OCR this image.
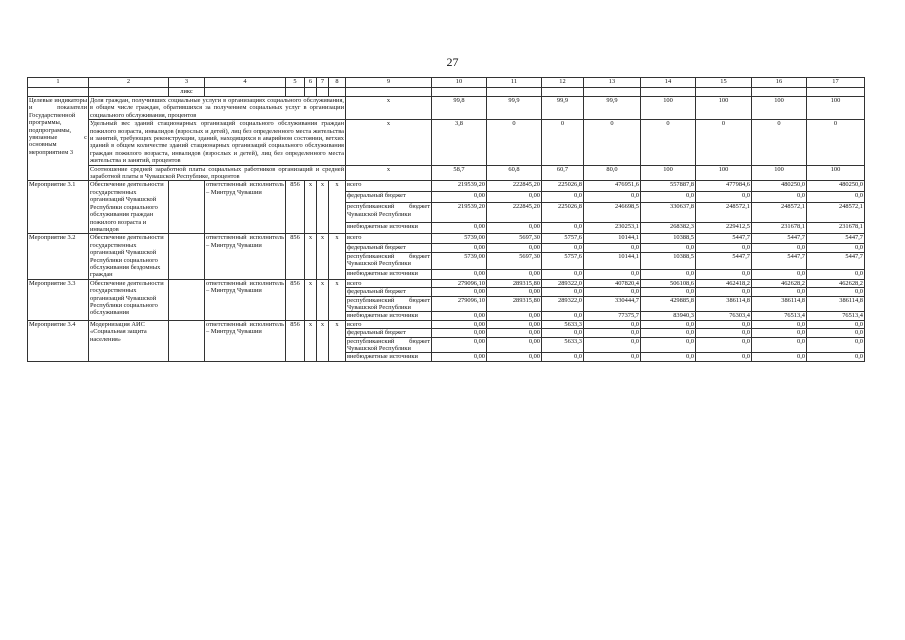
27
1	2	3	4	5	6	7	8	9	10	11	12	13	14	15	16	17
		ликс														
Целевые индикаторы и показатели Государственной программы, подпрограммы, увязанные с основным мероприятием 3	Доля граждан, получивших социальные услуги в организациях социального обслуживания, в общем числе граждан, обратившихся за получением социальных услуг в организации социального обслуживания, процентов							x	99,8	99,9	99,9	99,9	100	100	100	100
	Удельный вес зданий стационарных организаций социального обслуживания граждан пожилого возраста, инвалидов (взрослых и детей), лиц без определенного места жительства и занятий, требующих реконструкции, зданий, находящихся в аварийном состоянии, ветхих зданий в общем количестве зданий стационарных организаций социального обслуживания граждан пожилого возраста, инвалидов (взрослых и детей), лиц без определенного места жительства и занятий, процентов							x	3,8	0	0	0	0	0	0	0
	Соотношение средней заработной платы социальных работников организаций и средней заработной платы в Чувашской Республике, процентов							x	58,7	60,8	60,7	80,0	100	100	100	100
Мероприятие 3.1	Обеспечение деятельности государственных организаций Чувашской Республики социального обслуживания граждан пожилого возраста и инвалидов		ответственный исполнитель – Минтруд Чувашии	856	x	x	x	всего	219539,20	222845,20	225026,8	476951,6	557887,8	477984,6	480250,0	480250,0
								федеральный бюджет	0,00	0,00	0,0	0,0	0,0	0,0	0,0	0,0
								республиканский бюджет Чувашской Республики	219539,20	222845,20	225026,8	246698,5	330637,8	248572,1	248572,1	248572,1
								внебюджетные источники	0,00	0,00	0,0	230253,1	268382,3	229412,5	231678,1	231678,1
Мероприятие 3.2	Обеспечение деятельности государственных организаций Чувашской Республики социального обслуживания бездомных граждан		ответственный исполнитель – Минтруд Чувашии	856	x	x	x	всего	5739,00	5697,30	5757,6	10144,1	10388,5	5447,7	5447,7	5447,7
								федеральный бюджет	0,00	0,00	0,0	0,0	0,0	0,0	0,0	0,0
								республиканский бюджет Чувашской Республики	5739,00	5697,30	5757,6	10144,1	10388,5	5447,7	5447,7	5447,7
								внебюджетные источники	0,00	0,00	0,0	0,0	0,0	0,0	0,0	0,0
Мероприятие 3.3	Обеспечение деятельности государственных организаций Чувашской Республики социального обслуживания		ответственный исполнитель – Минтруд Чувашии	856	x	x	x	всего	279096,10	289315,80	289322,0	407820,4	506108,6	462418,2	462628,2	462628,2
								федеральный бюджет	0,00	0,00	0,0	0,0	0,0	0,0	0,0	0,0
								республиканский бюджет Чувашской Республики	279096,10	289315,80	289322,0	330444,7	429885,8	386114,8	386114,8	386114,8
								внебюджетные источники	0,00	0,00	0,0	77375,7	83940,3	76303,4	76513,4	76513,4
Мероприятие 3.4	Модернизация АИС «Социальная защита населения»		ответственный исполнитель – Минтруд Чувашии	856	x	x	x	всего	0,00	0,00	5633,3	0,0	0,0	0,0	0,0	0,0
								федеральный бюджет	0,00	0,00	0,0	0,0	0,0	0,0	0,0	0,0
								республиканский бюджет Чувашской Республики	0,00	0,00	5633,3	0,0	0,0	0,0	0,0	0,0
								внебюджетные источники	0,00	0,00	0,0	0,0	0,0	0,0	0,0	0,0
